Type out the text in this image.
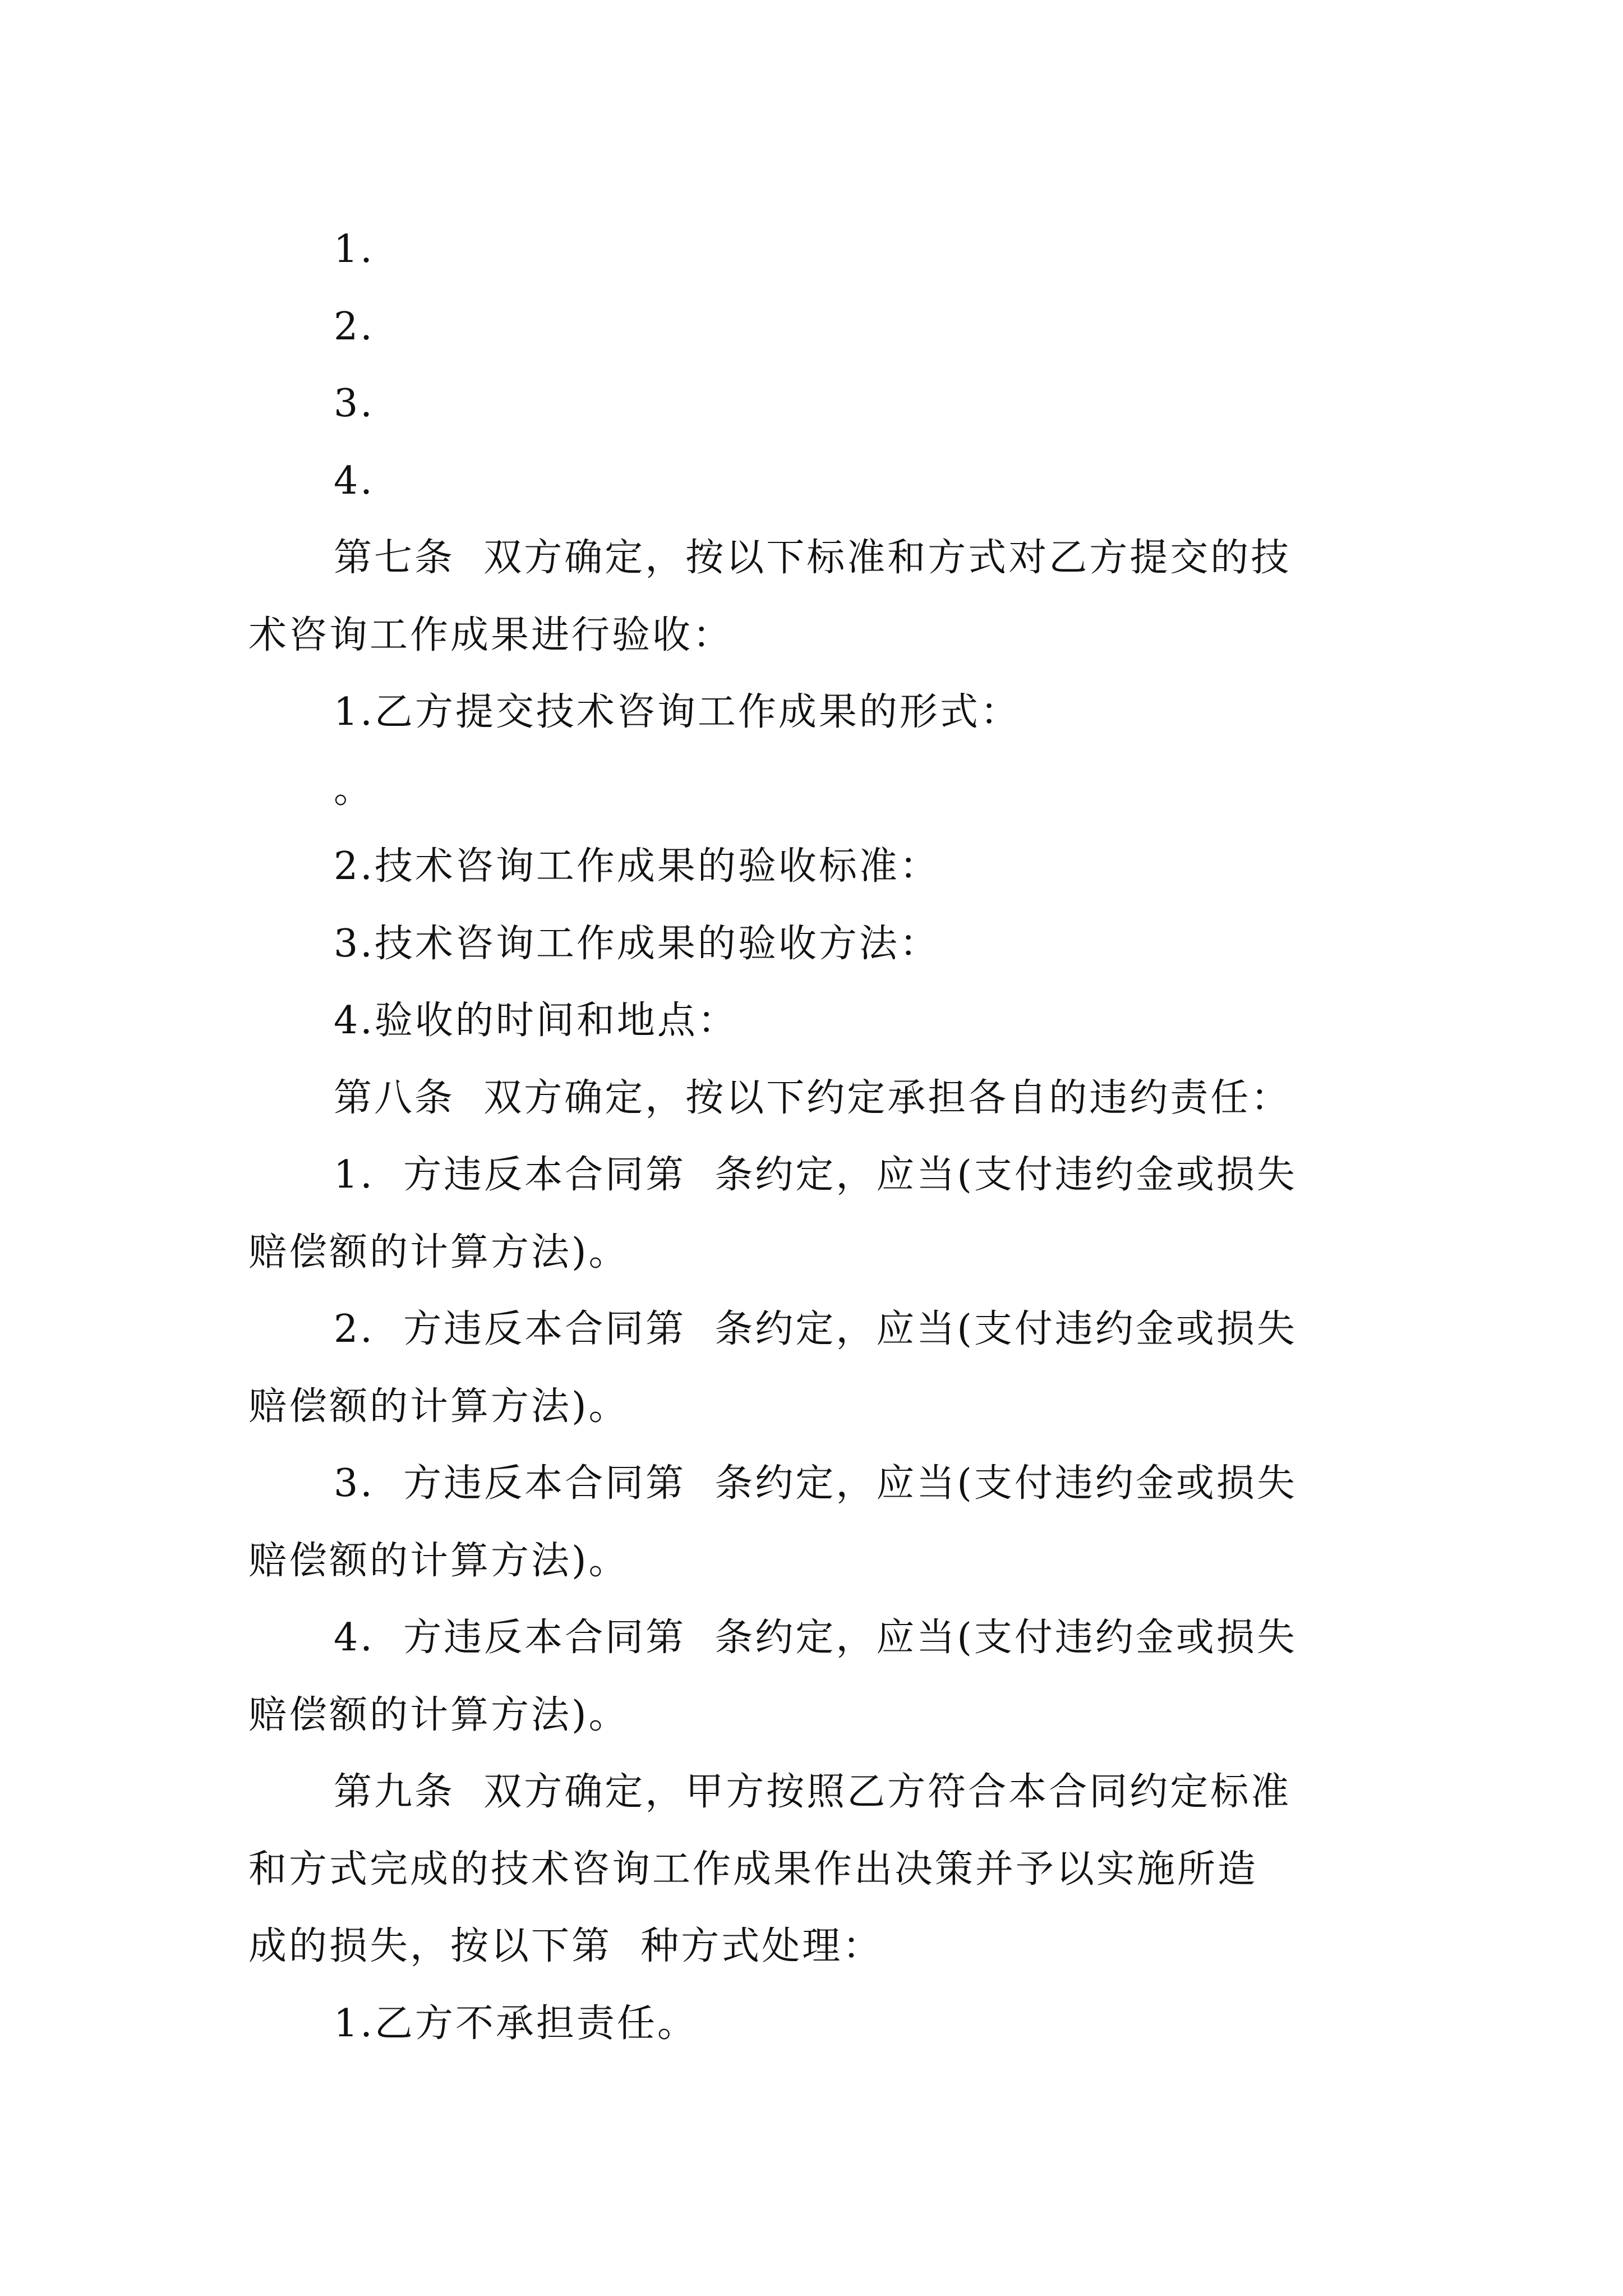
1.
2.
3.
4.
第七条  双方确定，按以下标准和方式对乙方提交的技
术咨询工作成果进行验收：
1.乙方提交技术咨询工作成果的形式：
。
2.技术咨询工作成果的验收标准：
3.技术咨询工作成果的验收方法：
4.验收的时间和地点：
第八条  双方确定，按以下约定承担各自的违约责任：
1.  方违反本合同第  条约定，应当(支付违约金或损失
赔偿额的计算方法)。
2.  方违反本合同第  条约定，应当(支付违约金或损失
赔偿额的计算方法)。
3.  方违反本合同第  条约定，应当(支付违约金或损失
赔偿额的计算方法)。
4.  方违反本合同第  条约定，应当(支付违约金或损失
赔偿额的计算方法)。
第九条  双方确定，甲方按照乙方符合本合同约定标准
和方式完成的技术咨询工作成果作出决策并予以实施所造
成的损失，按以下第  种方式处理：
1.乙方不承担责任。
